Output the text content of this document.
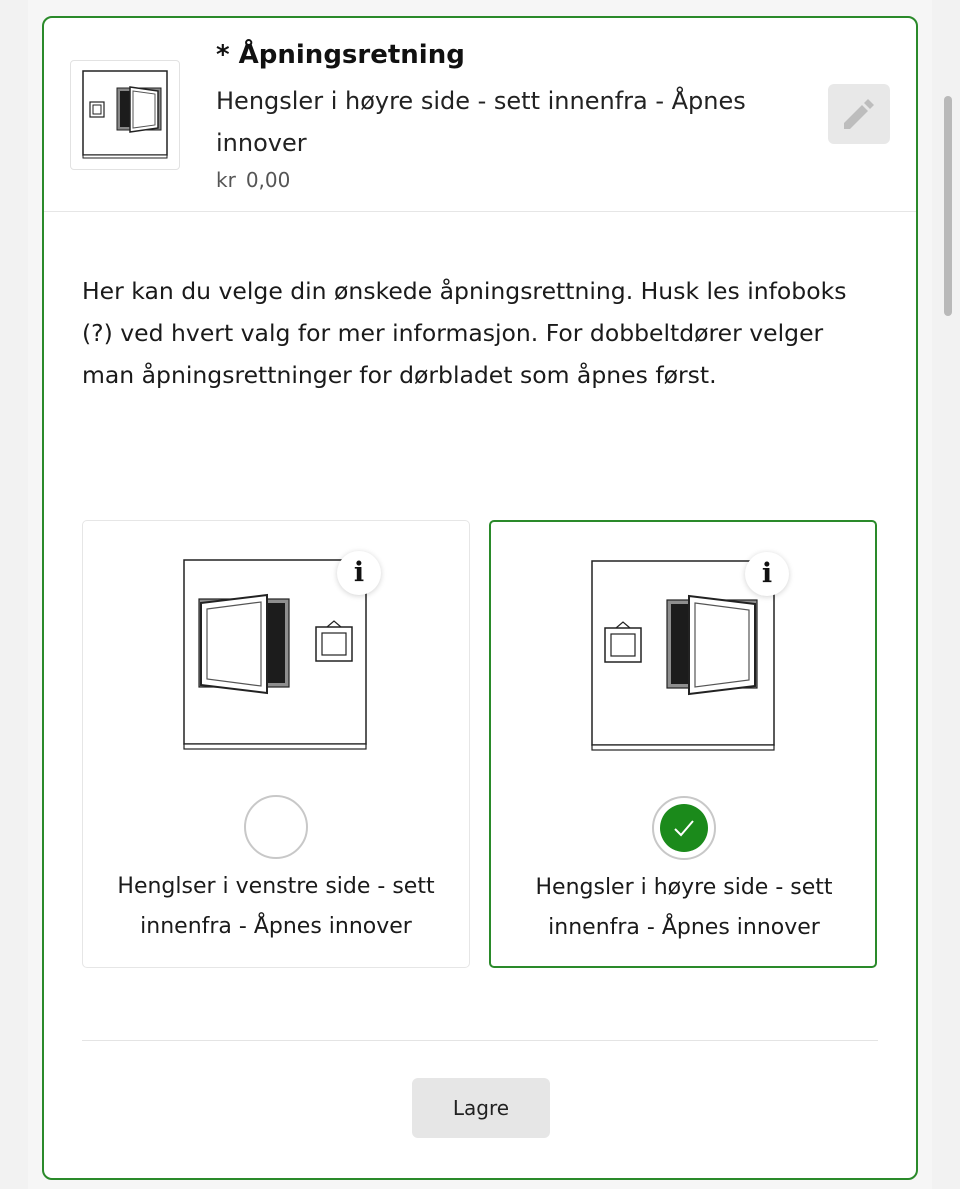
* Åpningsretning
Hengsler i høyre side - sett innenfra - Åpnes innover
kr 0,00
Her kan du velge din ønskede åpningsrettning. Husk les infoboks (?) ved hvert valg for mer informasjon. For dobbeltdører velger man åpningsrettninger for dørbladet som åpnes først.
i
Henglser i venstre side - sett innenfra - Åpnes innover
i
Hengsler i høyre side - sett innenfra - Åpnes innover
Lagre
